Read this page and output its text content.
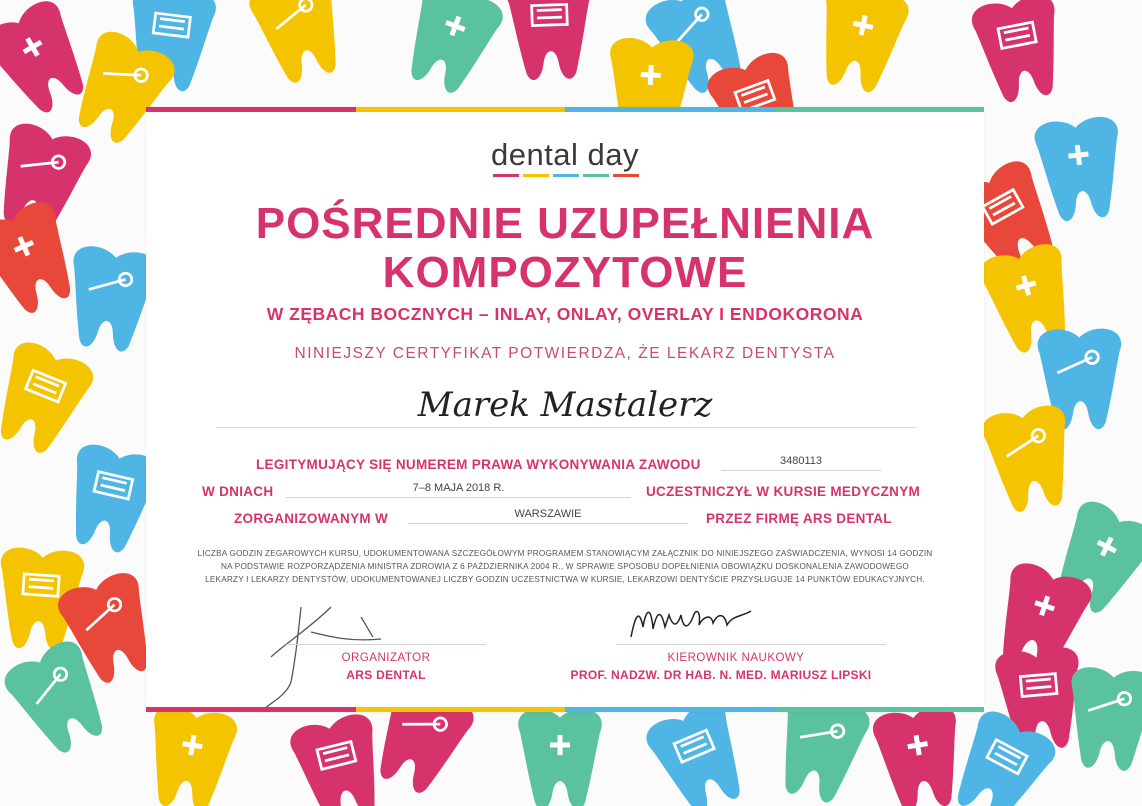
dental day
POŚREDNIE UZUPEŁNIENIA
KOMPOZYTOWE
W ZĘBACH BOCZNYCH – INLAY, ONLAY, OVERLAY I ENDOKORONA
NINIEJSZY CERTYFIKAT POTWIERDZA, ŻE LEKARZ DENTYSTA
Marek Mastalerz
LEGITYMUJĄCY SIĘ NUMEREM PRAWA WYKONYWANIA ZAWODU	3480113
W DNIACH	7–8 MAJA 2018 R.	UCZESTNICZYŁ W KURSIE MEDYCZNYM
ZORGANIZOWANYM W	WARSZAWIE	PRZEZ FIRMĘ ARS DENTAL
LICZBA GODZIN ZEGAROWYCH KURSU, UDOKUMENTOWANA SZCZEGÓŁOWYM PROGRAMEM STANOWIĄCYM ZAŁĄCZNIK DO NINIEJSZEGO ZAŚWIADCZENIA, WYNOSI 14 GODZIN
NA PODSTAWIE ROZPORZĄDZENIA MINISTRA ZDROWIA Z 6 PAŹDZIERNIKA 2004 R., W SPRAWIE SPOSOBU DOPEŁNIENIA OBOWIĄZKU DOSKONALENIA ZAWODOWEGO
LEKARZY I LEKARZY DENTYSTÓW, UDOKUMENTOWANEJ LICZBY GODZIN UCZESTNICTWA W KURSIE, LEKARZOWI DENTYŚCIE PRZYSŁUGUJE 14 PUNKTÓW EDUKACYJNYCH.
ORGANIZATOR
ARS DENTAL
KIEROWNIK NAUKOWY
PROF. NADZW. DR HAB. N. MED. MARIUSZ LIPSKI
